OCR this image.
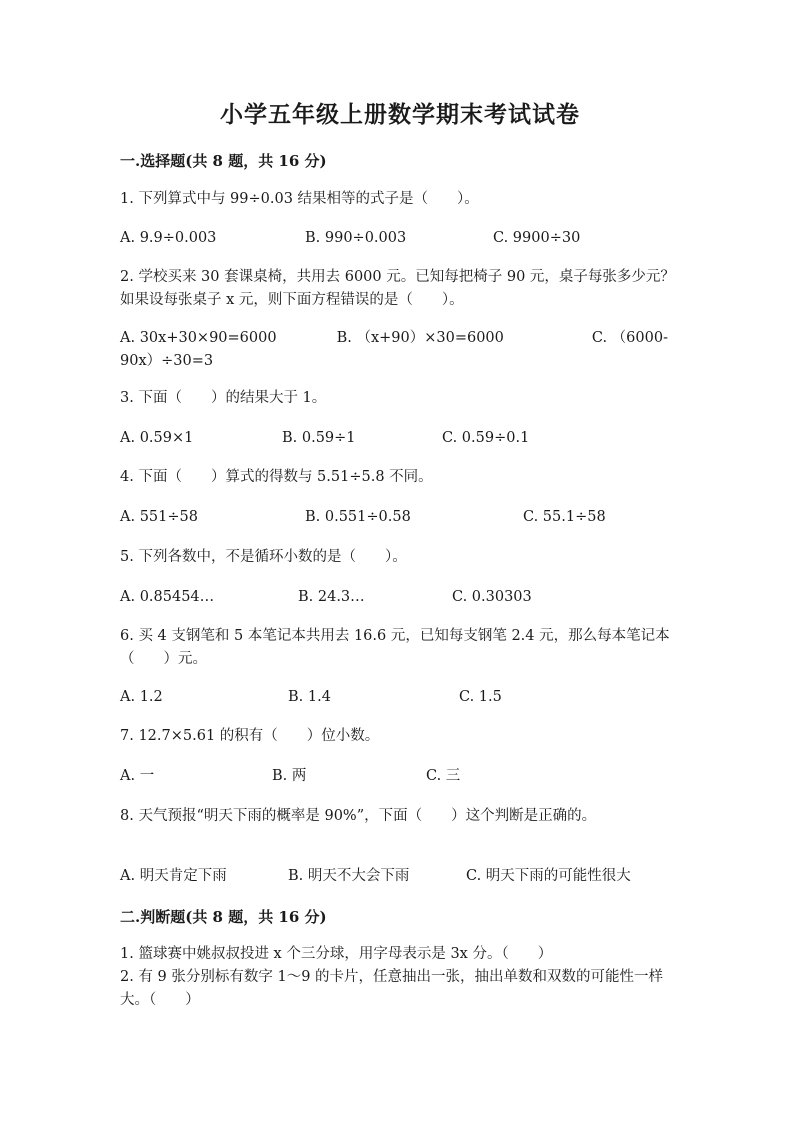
小学五年级上册数学期末考试试卷
一.选择题(共 8 题，共 16 分)
1. 下列算式中与 99÷0.03 结果相等的式子是（　　）。
A. 9.9÷0.003	B. 990÷0.003	C. 9900÷30
2. 学校买来 30 套课桌椅，共用去 6000 元。已知每把椅子 90 元，桌子每张多少元？如果设每张桌子 x 元，则下面方程错误的是（　　）。
A. 30x+30×90=6000	B. （x+90）×30=6000	C. （6000-90x）÷30=3
3. 下面（　　）的结果大于 1。
A. 0.59×1	B. 0.59÷1	C. 0.59÷0.1
4. 下面（　　）算式的得数与 5.51÷5.8 不同。
A. 551÷58	B. 0.551÷0.58	C. 55.1÷58
5. 下列各数中，不是循环小数的是（　　）。
A. 0.85454…	B. 24.3…	C. 0.30303
6. 买 4 支钢笔和 5 本笔记本共用去 16.6 元，已知每支钢笔 2.4 元，那么每本笔记本（　　）元。
A. 1.2	B. 1.4	C. 1.5
7. 12.7×5.61 的积有（　　）位小数。
A. 一	B. 两	C. 三
8. 天气预报“明天下雨的概率是 90%”，下面（　　）这个判断是正确的。
A. 明天肯定下雨	B. 明天不大会下雨	C. 明天下雨的可能性很大
二.判断题(共 8 题，共 16 分)
1. 篮球赛中姚叔叔投进 x 个三分球，用字母表示是 3x 分。（　　）
2. 有 9 张分别标有数字 1～9 的卡片，任意抽出一张，抽出单数和双数的可能性一样大。（　　）
